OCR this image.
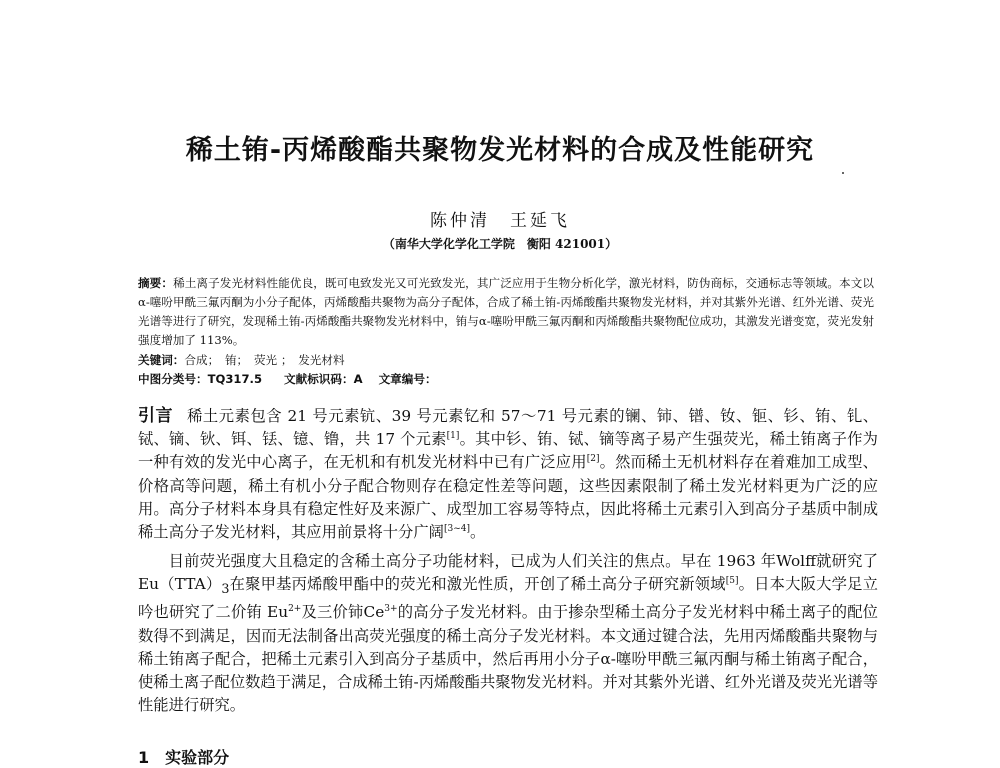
稀土铕-丙烯酸酯共聚物发光材料的合成及性能研究
陈仲清　王延飞
（南华大学化学化工学院　衡阳 421001）

摘要：稀土离子发光材料性能优良，既可电致发光又可光致发光，其广泛应用于生物分析化学，激光材料，防伪商标，交通标志等领域。本文以α-噻吩甲酰三氟丙酮为小分子配体，丙烯酸酯共聚物为高分子配体，合成了稀土铕-丙烯酸酯共聚物发光材料，并对其紫外光谱、红外光谱、荧光光谱等进行了研究，发现稀土铕-丙烯酸酯共聚物发光材料中，铕与α-噻吩甲酰三氟丙酮和丙烯酸酯共聚物配位成功，其激发光谱变宽，荧光发射强度增加了 113%。

关键词：合成；　铕；　荧光 ；　发光材料

中图分类号：TQ317.5 文献标识码：A 文章编号：

引言 稀土元素包含 21 号元素钪、39 号元素钇和 57～71 号元素的镧、铈、镨、钕、钷、钐、铕、钆、铽、镝、钬、铒、铥、镱、镥，共 17 个元素[1]。其中钐、铕、铽、镝等离子易产生强荧光，稀土铕离子作为一种有效的发光中心离子，在无机和有机发光材料中已有广泛应用[2]。然而稀土无机材料存在着难加工成型、价格高等问题，稀土有机小分子配合物则存在稳定性差等问题，这些因素限制了稀土发光材料更为广泛的应用。高分子材料本身具有稳定性好及来源广、成型加工容易等特点，因此将稀土元素引入到高分子基质中制成稀土高分子发光材料，其应用前景将十分广阔[3~4]。

目前荧光强度大且稳定的含稀土高分子功能材料，已成为人们关注的焦点。早在 1963 年Wolff就研究了$Eu(TTA)_3$在聚甲基丙烯酸甲酯中的荧光和激光性质，开创了稀土高分子研究新领域[5]。日本大阪大学足立吟也研究了二价铕 $Eu^{2+}$及三价铈$Ce^{3+}$的高分子发光材料。由于掺杂型稀土高分子发光材料中稀土离子的配位数得不到满足，因而无法制备出高荧光强度的稀土高分子发光材料。本文通过键合法，先用丙烯酸酯共聚物与稀土铕离子配合，把稀土元素引入到高分子基质中，然后再用小分子α-噻吩甲酰三氟丙酮与稀土铕离子配合，使稀土离子配位数趋于满足，合成稀土铕-丙烯酸酯共聚物发光材料。并对其紫外光谱、红外光谱及荧光光谱等性能进行研究。

1　实验部分
